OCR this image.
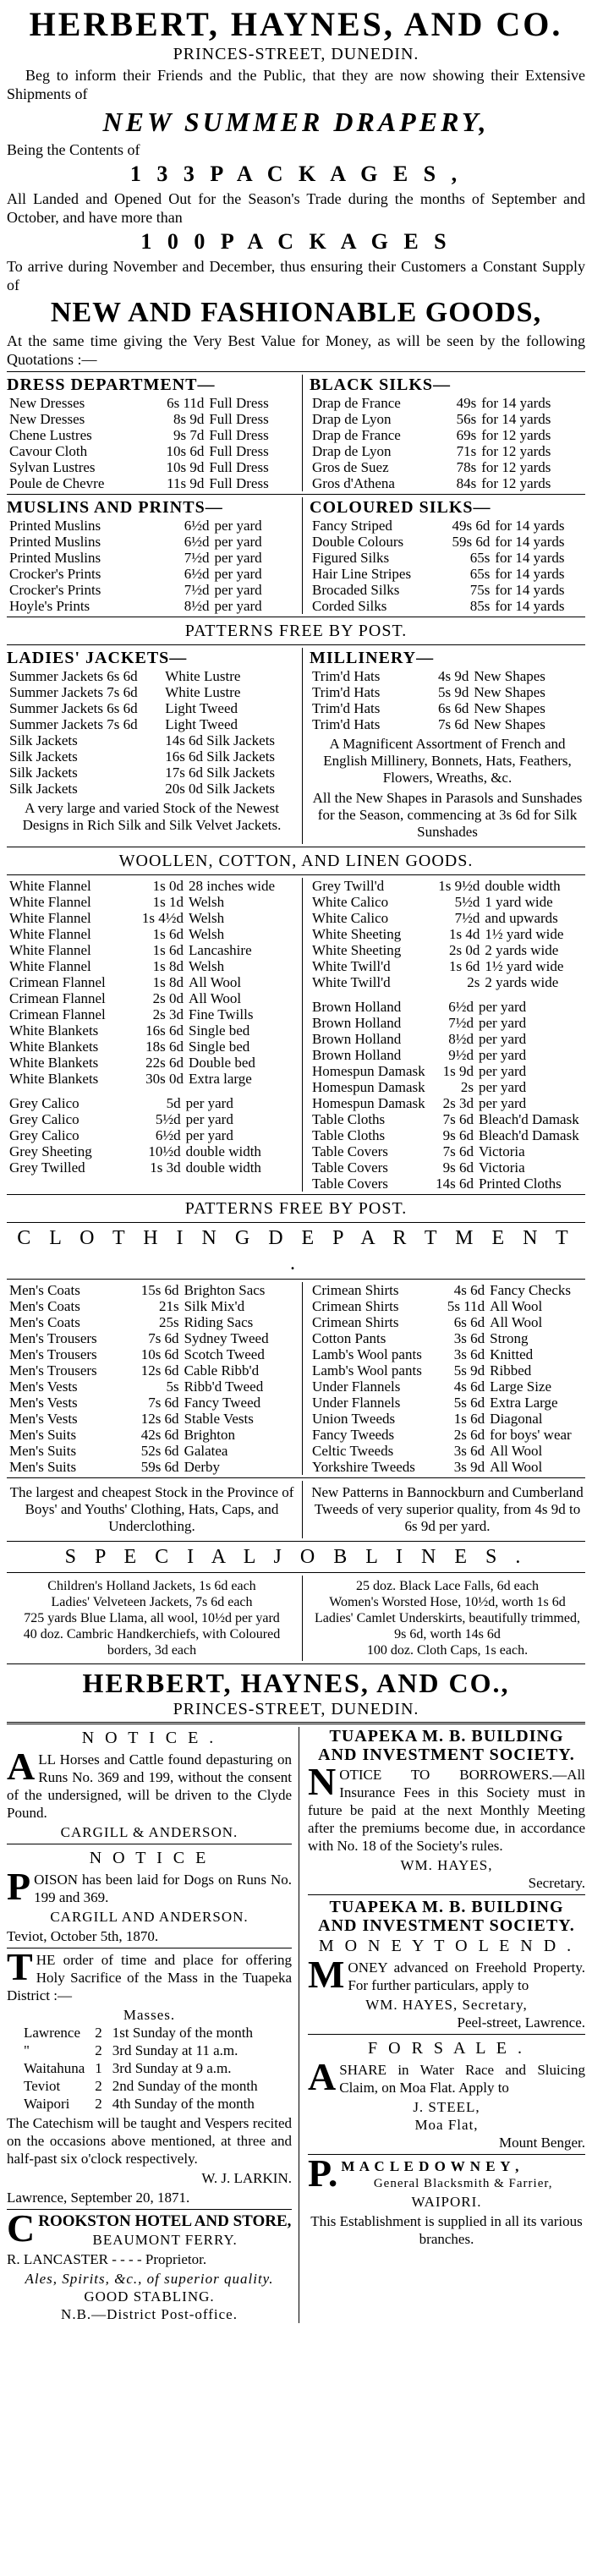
HERBERT, HAYNES, AND CO.
PRINCES-STREET, DUNEDIN.
Beg to inform their Friends and the Public, that they are now showing their Extensive Shipments of
NEW SUMMER DRAPERY,
Being the Contents of
1 3 3 P A C K A G E S ,
All Landed and Opened Out for the Season's Trade during the months of September and October, and have more than
1 0 0 P A C K A G E S
To arrive during November and December, thus ensuring their Customers a Constant Supply of
NEW AND FASHIONABLE GOODS,
At the same time giving the Very Best Value for Money, as will be seen by the following Quotations :—
DRESS DEPARTMENT—
New Dresses	6s 11d	Full Dress
New Dresses	8s 9d	Full Dress
Chene Lustres	9s 7d	Full Dress
Cavour Cloth	10s 6d	Full Dress
Sylvan Lustres	10s 9d	Full Dress
Poule de Chevre	11s 9d	Full Dress
BLACK SILKS—
Drap de France	49s	for 14 yards
Drap de Lyon	56s	for 14 yards
Drap de France	69s	for 12 yards
Drap de Lyon	71s	for 12 yards
Gros de Suez	78s	for 12 yards
Gros d'Athena	84s	for 12 yards
MUSLINS AND PRINTS—
Printed Muslins	6½d	per yard
Printed Muslins	6½d	per yard
Printed Muslins	7½d	per yard
Crocker's Prints	6½d	per yard
Crocker's Prints	7½d	per yard
Hoyle's Prints	8½d	per yard
COLOURED SILKS—
Fancy Striped	49s 6d	for 14 yards
Double Colours	59s 6d	for 14 yards
Figured Silks	65s	for 14 yards
Hair Line Stripes	65s	for 14 yards
Brocaded Silks	75s	for 14 yards
Corded Silks	85s	for 14 yards
PATTERNS FREE BY POST.
LADIES' JACKETS—
Summer Jackets 6s 6d	White Lustre
Summer Jackets 7s 6d	White Lustre
Summer Jackets 6s 6d	Light Tweed
Summer Jackets 7s 6d	Light Tweed
Silk Jackets	14s 6d Silk Jackets
Silk Jackets	16s 6d Silk Jackets
Silk Jackets	17s 6d Silk Jackets
Silk Jackets	20s 0d Silk Jackets
A very large and varied Stock of the Newest Designs in Rich Silk and Silk Velvet Jackets.
MILLINERY—
Trim'd Hats	4s 9d	New Shapes
Trim'd Hats	5s 9d	New Shapes
Trim'd Hats	6s 6d	New Shapes
Trim'd Hats	7s 6d	New Shapes
A Magnificent Assortment of French and English Millinery, Bonnets, Hats, Feathers, Flowers, Wreaths, &c.
All the New Shapes in Parasols and Sunshades for the Season, commencing at 3s 6d for Silk Sunshades
WOOLLEN, COTTON, AND LINEN GOODS.
White Flannel	1s 0d	28 inches wide
White Flannel	1s 1d	Welsh
White Flannel	1s 4½d	Welsh
White Flannel	1s 6d	Welsh
White Flannel	1s 6d	Lancashire
White Flannel	1s 8d	Welsh
Crimean Flannel	1s 8d	All Wool
Crimean Flannel	2s 0d	All Wool
Crimean Flannel	2s 3d	Fine Twills
White Blankets	16s 6d	Single bed
White Blankets	18s 6d	Single bed
White Blankets	22s 6d	Double bed
White Blankets	30s 0d	Extra large
Grey Calico	5d	per yard
Grey Calico	5½d	per yard
Grey Calico	6½d	per yard
Grey Sheeting	10½d	double width
Grey Twilled	1s 3d	double width
Grey Twill'd	1s 9½d	double width
White Calico	5½d	1 yard wide
White Calico	7½d	and upwards
White Sheeting	1s 4d	1½ yard wide
White Sheeting	2s 0d	2 yards wide
White Twill'd	1s 6d	1½ yard wide
White Twill'd	2s	2 yards wide
Brown Holland	6½d	per yard
Brown Holland	7½d	per yard
Brown Holland	8½d	per yard
Brown Holland	9½d	per yard
Homespun Damask	1s 9d	per yard
Homespun Damask	2s	per yard
Homespun Damask	2s 3d	per yard
Table Cloths	7s 6d	Bleach'd Damask
Table Cloths	9s 6d	Bleach'd Damask
Table Covers	7s 6d	Victoria
Table Covers	9s 6d	Victoria
Table Covers	14s 6d	Printed Cloths
PATTERNS FREE BY POST.
C L O T H I N G D E P A R T M E N T .
Men's Coats	15s 6d	Brighton Sacs
Men's Coats	21s	Silk Mix'd
Men's Coats	25s	Riding Sacs
Men's Trousers	7s 6d	Sydney Tweed
Men's Trousers	10s 6d	Scotch Tweed
Men's Trousers	12s 6d	Cable Ribb'd
Men's Vests	5s	Ribb'd Tweed
Men's Vests	7s 6d	Fancy Tweed
Men's Vests	12s 6d	Stable Vests
Men's Suits	42s 6d	Brighton
Men's Suits	52s 6d	Galatea
Men's Suits	59s 6d	Derby
Crimean Shirts	4s 6d	Fancy Checks
Crimean Shirts	5s 11d	All Wool
Crimean Shirts	6s 6d	All Wool
Cotton Pants	3s 6d	Strong
Lamb's Wool pants	3s 6d	Knitted
Lamb's Wool pants	5s 9d	Ribbed
Under Flannels	4s 6d	Large Size
Under Flannels	5s 6d	Extra Large
Union Tweeds	1s 6d	Diagonal
Fancy Tweeds	2s 6d	for boys' wear
Celtic Tweeds	3s 6d	All Wool
Yorkshire Tweeds	3s 9d	All Wool
The largest and cheapest Stock in the Province of Boys' and Youths' Clothing, Hats, Caps, and Underclothing.
New Patterns in Bannockburn and Cumberland Tweeds of very superior quality, from 4s 9d to 6s 9d per yard.
S P E C I A L J O B L I N E S .
Children's Holland Jackets, 1s 6d each
Ladies' Velveteen Jackets, 7s 6d each
725 yards Blue Llama, all wool, 10½d per yard
40 doz. Cambric Handkerchiefs, with Coloured borders, 3d each
25 doz. Black Lace Falls, 6d each
Women's Worsted Hose, 10½d, worth 1s 6d
Ladies' Camlet Underskirts, beautifully trimmed, 9s 6d, worth 14s 6d
100 doz. Cloth Caps, 1s each.
HERBERT, HAYNES, AND CO.,
PRINCES-STREET, DUNEDIN.
N O T I C E .
ALL Horses and Cattle found depasturing on Runs No. 369 and 199, without the consent of the undersigned, will be driven to the Clyde Pound.
CARGILL & ANDERSON.
N O T I C E
POISON has been laid for Dogs on Runs No. 199 and 369.
CARGILL AND ANDERSON.
Teviot, October 5th, 1870.
THE order of time and place for offering Holy Sacrifice of the Mass in the Tuapeka District :—
Masses.
Lawrence	2	1st Sunday of the month
"	2	3rd Sunday at 11 a.m.
Waitahuna	1	3rd Sunday at 9 a.m.
Teviot	2	2nd Sunday of the month
Waipori	2	4th Sunday of the month
The Catechism will be taught and Vespers recited on the occasions above mentioned, at three and half-past six o'clock respectively.
W. J. LARKIN.
Lawrence, September 20, 1871.
CROOKSTON HOTEL AND STORE,
BEAUMONT FERRY.
R. LANCASTER - - - - Proprietor.
Ales, Spirits, &c., of superior quality.
GOOD STABLING.
N.B.—District Post-office.
TUAPEKA M. B. BUILDING AND INVESTMENT SOCIETY.
NOTICE TO BORROWERS.—All Insurance Fees in this Society must in future be paid at the next Monthly Meeting after the premiums become due, in accordance with No. 18 of the Society's rules.
WM. HAYES,
Secretary.
TUAPEKA M. B. BUILDING AND INVESTMENT SOCIETY.
M O N E Y T O L E N D .
MONEY advanced on Freehold Property. For further particulars, apply to
WM. HAYES, Secretary,
Peel-street, Lawrence.
F O R S A L E .
ASHARE in Water Race and Sluicing Claim, on Moa Flat. Apply to
J. STEEL,
Moa Flat,
Mount Benger.
P. M A C L E D O W N E Y ,
General Blacksmith & Farrier,
WAIPORI.
This Establishment is supplied in all its various branches.
